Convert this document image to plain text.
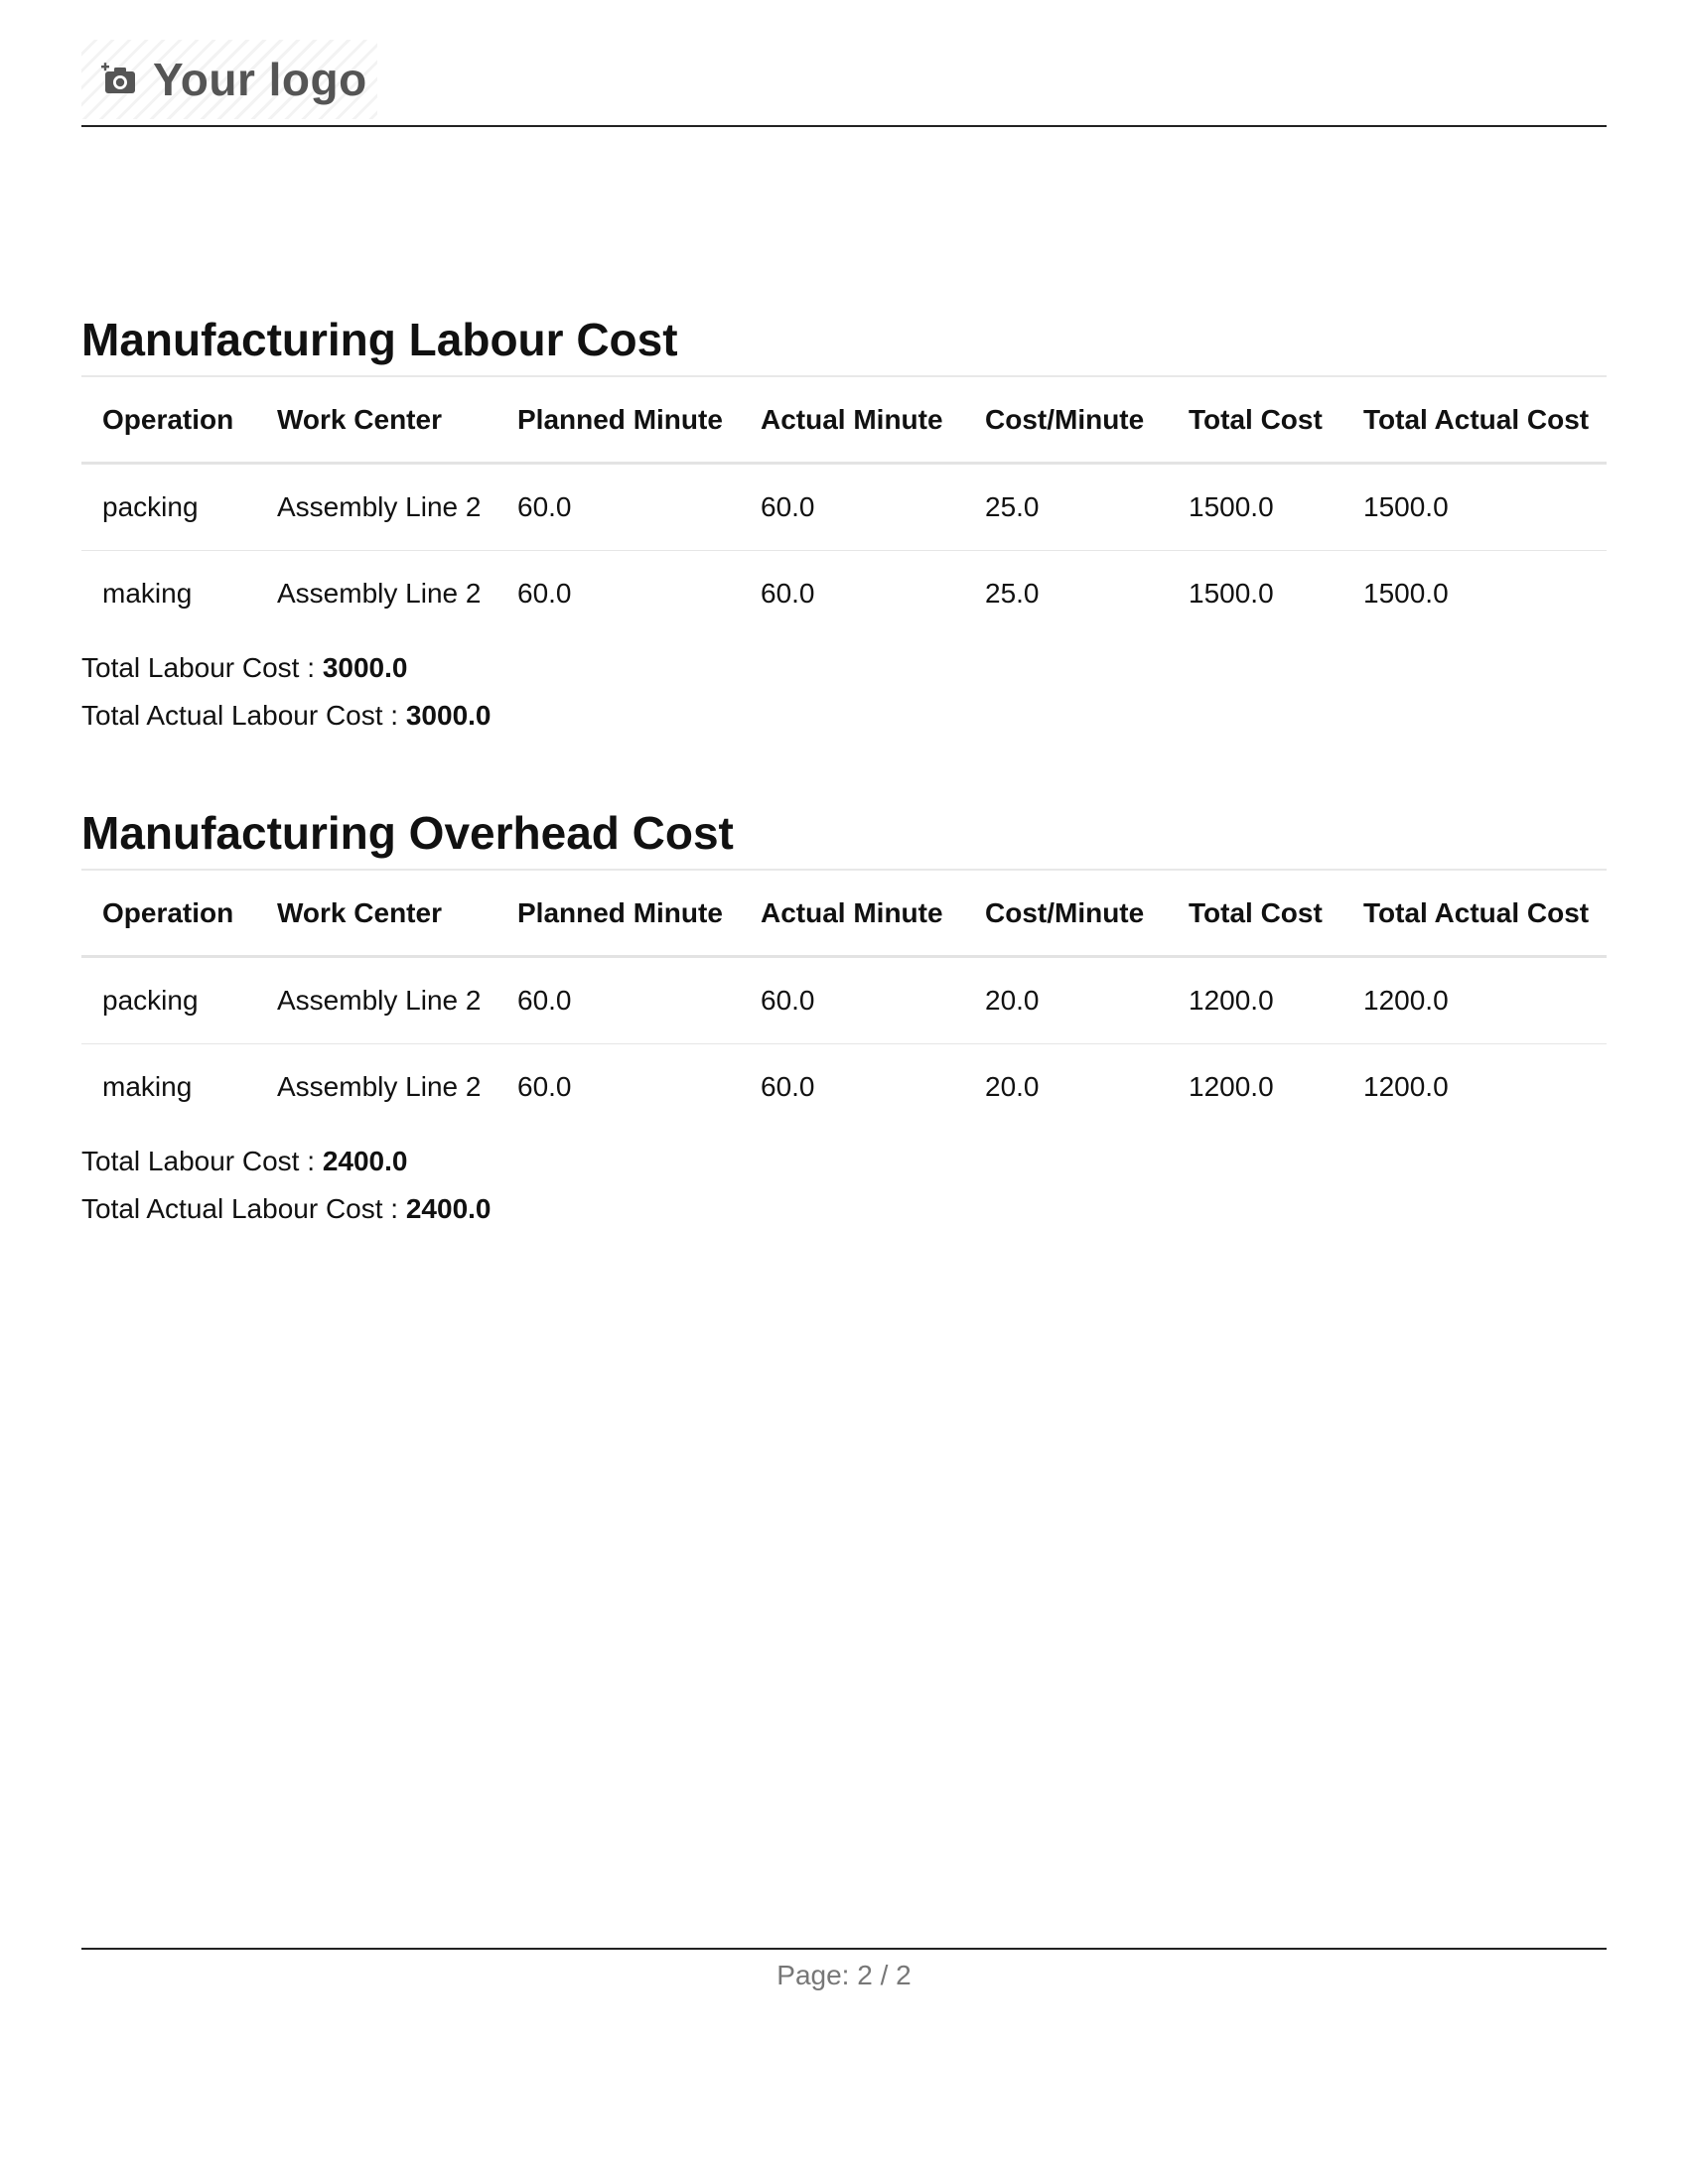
Your logo
Manufacturing Labour Cost
Operation	Work Center	Planned Minute	Actual Minute	Cost/Minute	Total Cost	Total Actual Cost
packing	Assembly Line 2	60.0	60.0	25.0	1500.0	1500.0
making	Assembly Line 2	60.0	60.0	25.0	1500.0	1500.0
Total Labour Cost : 3000.0
Total Actual Labour Cost : 3000.0
Manufacturing Overhead Cost
Operation	Work Center	Planned Minute	Actual Minute	Cost/Minute	Total Cost	Total Actual Cost
packing	Assembly Line 2	60.0	60.0	20.0	1200.0	1200.0
making	Assembly Line 2	60.0	60.0	20.0	1200.0	1200.0
Total Labour Cost : 2400.0
Total Actual Labour Cost : 2400.0
Page: 2 / 2
